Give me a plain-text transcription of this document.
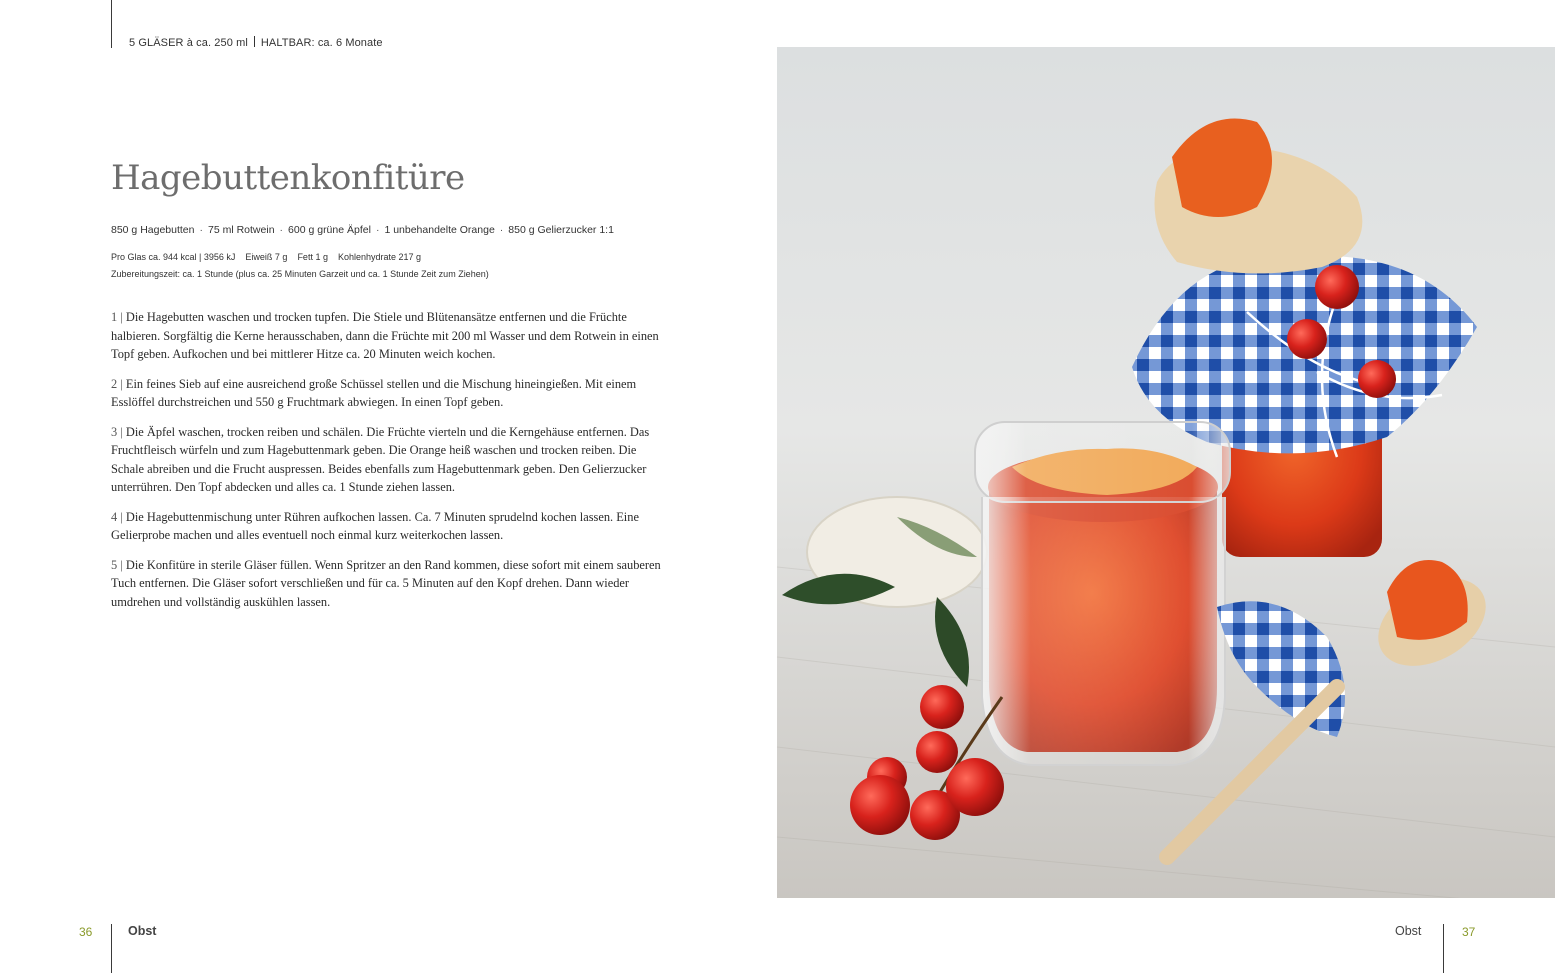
5 GLÄSER à ca. 250 ml HALTBAR: ca. 6 Monate
Hagebuttenkonfitüre
850 g Hagebutten · 75 ml Rotwein · 600 g grüne Äpfel · 1 unbehandelte Orange · 850 g Gelierzucker 1:1
Pro Glas ca. 944 kcal | 3956 kJ Eiweiß 7 g Fett 1 g Kohlenhydrate 217 g
Zubereitungszeit: ca. 1 Stunde (plus ca. 25 Minuten Garzeit und ca. 1 Stunde Zeit zum Ziehen)

1 | Die Hagebutten waschen und trocken tupfen. Die Stiele und Blütenansätze entfernen und die Früchte halbieren. Sorgfältig die Kerne herausschaben, dann die Früchte mit 200 ml Wasser und dem Rotwein in einen Topf geben. Aufkochen und bei mittlerer Hitze ca. 20 Minuten weich kochen.

2 | Ein feines Sieb auf eine ausreichend große Schüssel stellen und die Mischung hineingießen. Mit einem Esslöffel durchstreichen und 550 g Fruchtmark abwiegen. In einen Topf geben.

3 | Die Äpfel waschen, trocken reiben und schälen. Die Früchte vierteln und die Kerngehäuse entfernen. Das Fruchtfleisch würfeln und zum Hagebuttenmark geben. Die Orange heiß waschen und trocken reiben. Die Schale abreiben und die Frucht auspressen. Beides ebenfalls zum Hagebuttenmark geben. Den Gelierzucker unterrühren. Den Topf abdecken und alles ca. 1 Stunde ziehen lassen.

4 | Die Hagebuttenmischung unter Rühren aufkochen lassen. Ca. 7 Minuten sprudelnd kochen lassen. Eine Gelierprobe machen und alles eventuell noch einmal kurz weiterkochen lassen.

5 | Die Konfitüre in sterile Gläser füllen. Wenn Spritzer an den Rand kommen, diese sofort mit einem sauberen Tuch entfernen. Die Gläser sofort verschließen und für ca. 5 Minuten auf den Kopf drehen. Dann wieder umdrehen und vollständig auskühlen lassen.

36	Obst	Obst	37
